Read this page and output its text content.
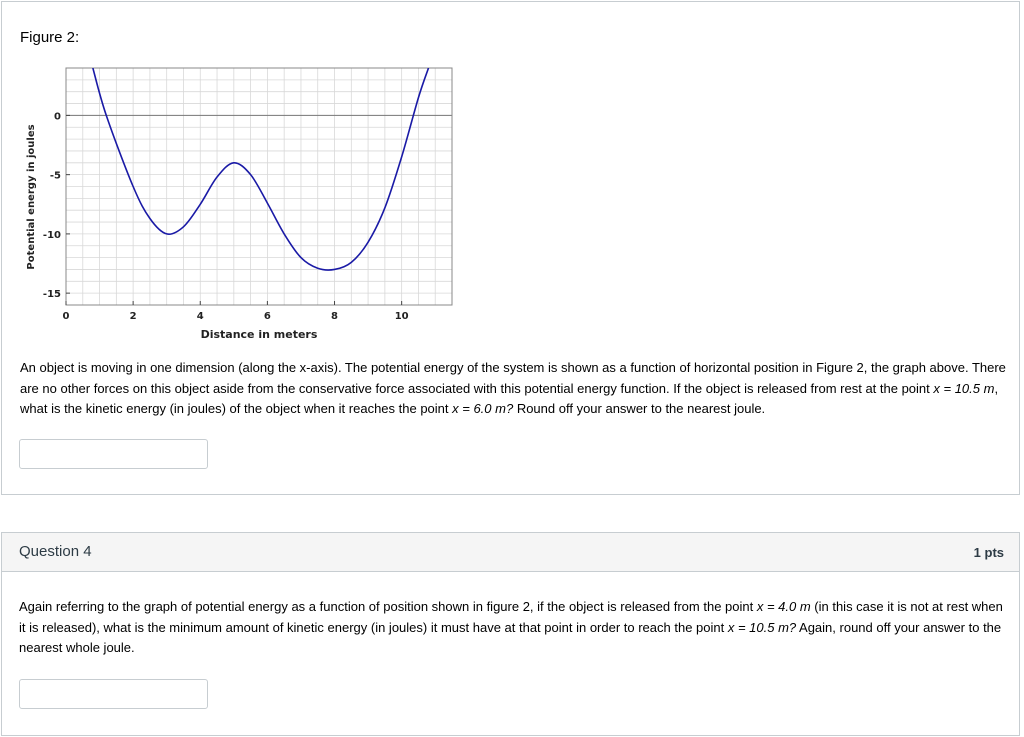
Figure 2:
0	2	4	6	8	10
0
-5
-10
-15
Distance in meters
Potential energy in joules
An object is moving in one dimension (along the x-axis). The potential energy of the system is shown as a function of horizontal position in Figure 2, the graph above. There are no other forces on this object aside from the conservative force associated with this potential energy function. If the object is released from rest at the point x = 10.5 m, what is the kinetic energy (in joules) of the object when it reaches the point x = 6.0 m? Round off your answer to the nearest joule.
Question 4	1 pts
Again referring to the graph of potential energy as a function of position shown in figure 2, if the object is released from the point x = 4.0 m (in this case it is not at rest when it is released), what is the minimum amount of kinetic energy (in joules) it must have at that point in order to reach the point x = 10.5 m? Again, round off your answer to the nearest whole joule.
